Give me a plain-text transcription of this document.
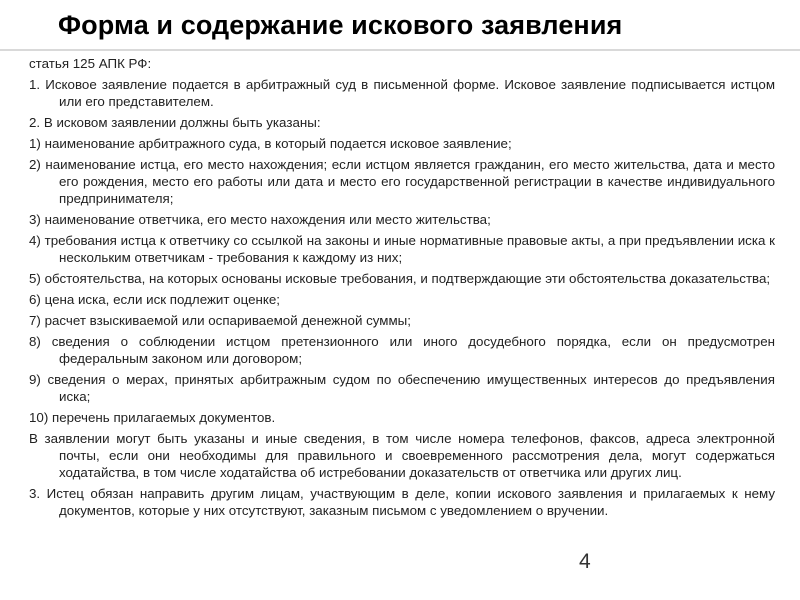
Форма и содержание искового заявления

статья 125 АПК РФ:

1. Исковое заявление подается в арбитражный суд в письменной форме. Исковое заявление подписывается истцом или его представителем.

2. В исковом заявлении должны быть указаны:

1) наименование арбитражного суда, в который подается исковое заявление;

2) наименование истца, его место нахождения; если истцом является гражданин, его место жительства, дата и место его рождения, место его работы или дата и место его государственной регистрации в качестве индивидуального предпринимателя;

3) наименование ответчика, его место нахождения или место жительства;

4) требования истца к ответчику со ссылкой на законы и иные нормативные правовые акты, а при предъявлении иска к нескольким ответчикам - требования к каждому из них;

5) обстоятельства, на которых основаны исковые требования, и подтверждающие эти обстоятельства доказательства;

6) цена иска, если иск подлежит оценке;

7) расчет взыскиваемой или оспариваемой денежной суммы;

8) сведения о соблюдении истцом претензионного или иного досудебного порядка, если он предусмотрен федеральным законом или договором;

9) сведения о мерах, принятых арбитражным судом по обеспечению имущественных интересов до предъявления иска;

10) перечень прилагаемых документов.

В заявлении могут быть указаны и иные сведения, в том числе номера телефонов, факсов, адреса электронной почты, если они необходимы для правильного и своевременного рассмотрения дела, могут содержаться ходатайства, в том числе ходатайства об истребовании доказательств от ответчика или других лиц.

3. Истец обязан направить другим лицам, участвующим в деле, копии искового заявления и прилагаемых к нему документов, которые у них отсутствуют, заказным письмом с уведомлением о вручении.

4
